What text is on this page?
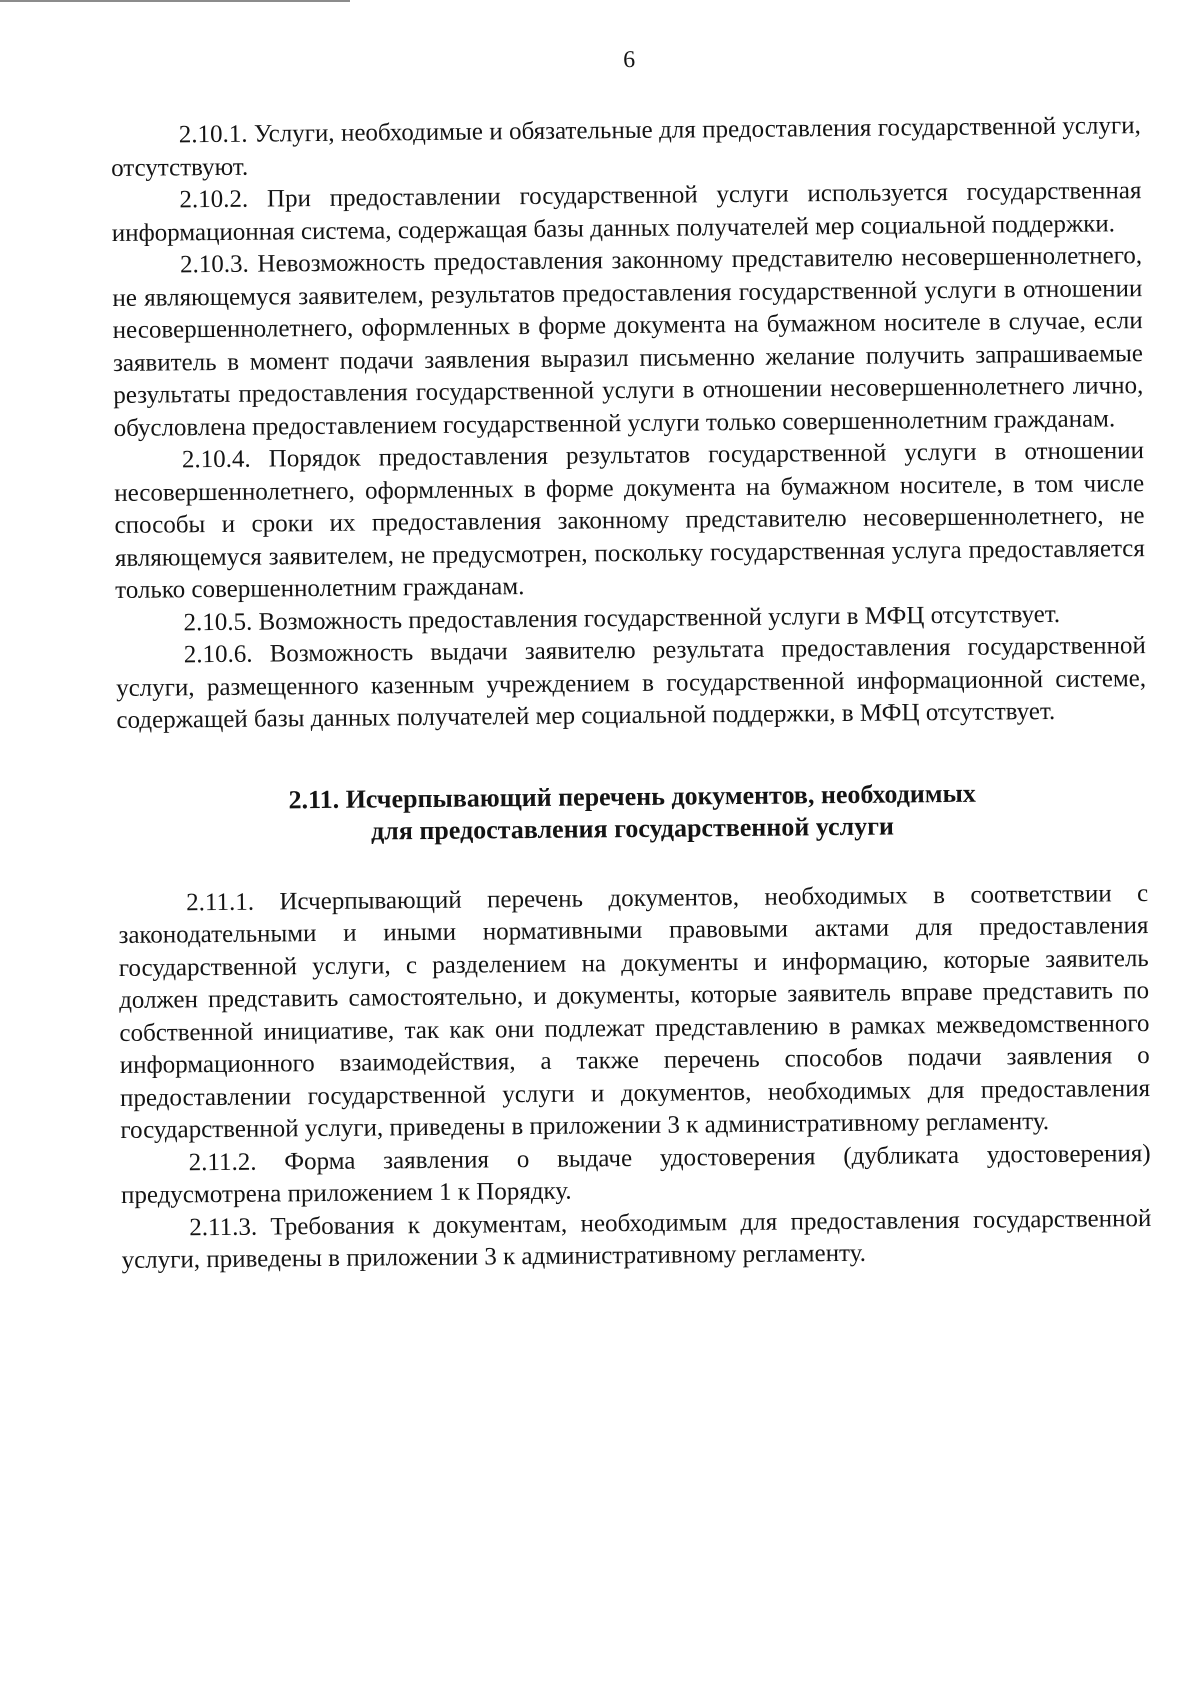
6

2.10.1. Услуги, необходимые и обязательные для предоставления государственной услуги, отсутствуют.

2.10.2. При предоставлении государственной услуги используется государственная информационная система, содержащая базы данных получателей мер социальной поддержки.

2.10.3. Невозможность предоставления законному представителю несовершеннолетнего, не являющемуся заявителем, результатов предоставления государственной услуги в отношении несовершеннолетнего, оформленных в форме документа на бумажном носителе в случае, если заявитель в момент подачи заявления выразил письменно желание получить запрашиваемые результаты предоставления государственной услуги в отношении несовершеннолетнего лично, обусловлена предоставлением государственной услуги только совершеннолетним гражданам.

2.10.4. Порядок предоставления результатов государственной услуги в отношении несовершеннолетнего, оформленных в форме документа на бумажном носителе, в том числе способы и сроки их предоставления законному представителю несовершеннолетнего, не являющемуся заявителем, не предусмотрен, поскольку государственная услуга предоставляется только совершеннолетним гражданам.

2.10.5. Возможность предоставления государственной услуги в МФЦ отсутствует.

2.10.6. Возможность выдачи заявителю результата предоставления государственной услуги, размещенного казенным учреждением в государственной информационной системе, содержащей базы данных получателей мер социальной поддержки, в МФЦ отсутствует.

2.11. Исчерпывающий перечень документов, необходимых
для предоставления государственной услуги

2.11.1. Исчерпывающий перечень документов, необходимых в соответствии с законодательными и иными нормативными правовыми актами для предоставления государственной услуги, с разделением на документы и информацию, которые заявитель должен представить самостоятельно, и документы, которые заявитель вправе представить по собственной инициативе, так как они подлежат представлению в рамках межведомственного информационного взаимодействия, а также перечень способов подачи заявления о предоставлении государственной услуги и документов, необходимых для предоставления государственной услуги, приведены в приложении 3 к административному регламенту.

2.11.2. Форма заявления о выдаче удостоверения (дубликата удостоверения) предусмотрена приложением 1 к Порядку.

2.11.3. Требования к документам, необходимым для предоставления государственной услуги, приведены в приложении 3 к административному регламенту.
